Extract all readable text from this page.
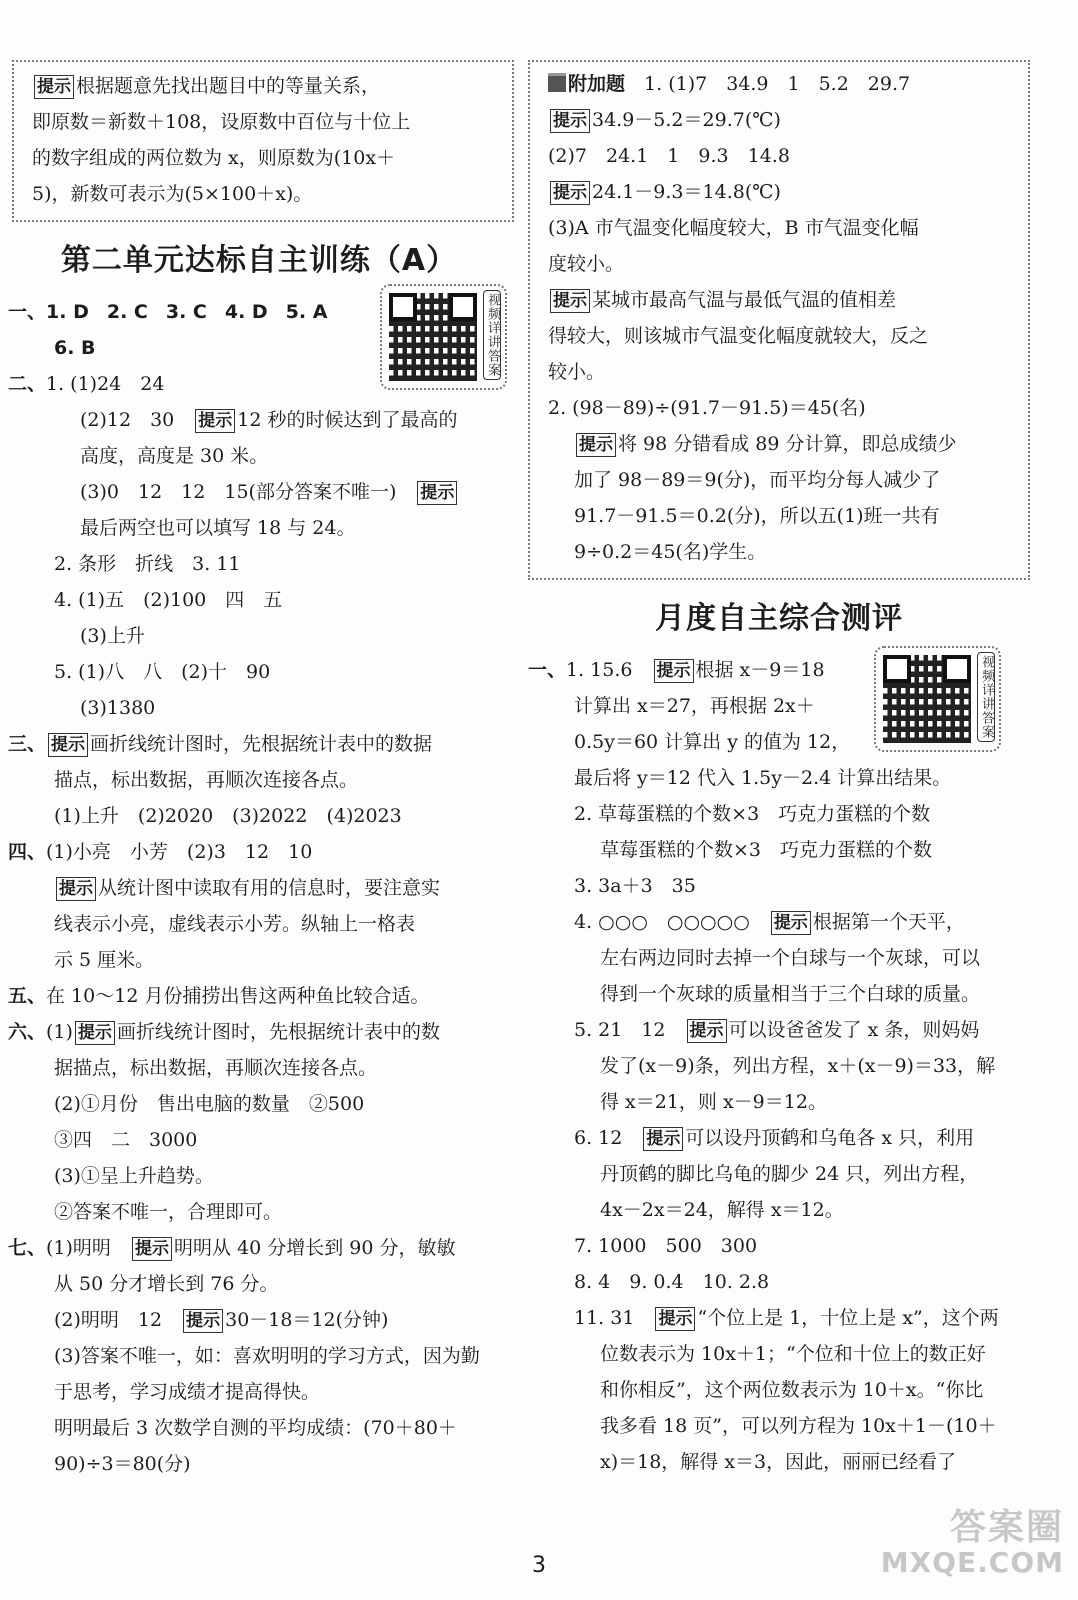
提示 根据题意先找出题目中的等量关系，
即原数＝新数＋108，设原数中百位与十位上
的数字组成的两位数为 x，则原数为(10x＋
5)，新数可表示为(5×100＋x)。
第二单元达标自主训练（A）
一、1. D 2. C 3. C 4. D 5. A
6. B	视频详讲答案
二、1. (1)24　24
(2)12　30　 提示 12 秒的时候达到了最高的
高度，高度是 30 米。
(3)0　12　12　15(部分答案不唯一)　 提示
最后两空也可以填写 18 与 24。
2. 条形　折线　3. 11
4. (1)五　(2)100　四　五
(3)上升
5. (1)八　八　(2)十　90
(3)1380
三、 提示 画折线统计图时，先根据统计表中的数据
描点，标出数据，再顺次连接各点。
(1)上升　(2)2020　(3)2022　(4)2023
四、(1)小亮　小芳　(2)3　12　10
提示 从统计图中读取有用的信息时，要注意实
线表示小亮，虚线表示小芳。纵轴上一格表
示 5 厘米。
五、在 10～12 月份捕捞出售这两种鱼比较合适。
六、(1) 提示 画折线统计图时，先根据统计表中的数
据描点，标出数据，再顺次连接各点。
(2)①月份　售出电脑的数量　②500
③四　二　3000
(3)①呈上升趋势。
②答案不唯一，合理即可。
七、(1)明明　 提示 明明从 40 分增长到 90 分，敏敏
从 50 分才增长到 76 分。
(2)明明　12　 提示 30－18＝12(分钟)
(3)答案不唯一，如：喜欢明明的学习方式，因为勤
于思考，学习成绩才提高得快。
明明最后 3 次数学自测的平均成绩：(70＋80＋
90)÷3＝80(分)
附加题　 1. (1)7　34.9　1　5.2　29.7
提示 34.9－5.2＝29.7(℃)
(2)7　24.1　1　9.3　14.8
提示 24.1－9.3＝14.8(℃)
(3)A 市气温变化幅度较大，B 市气温变化幅
度较小。
提示 某城市最高气温与最低气温的值相差
得较大，则该城市气温变化幅度就较大，反之
较小。
2. (98－89)÷(91.7－91.5)＝45(名)
提示 将 98 分错看成 89 分计算，即总成绩少
加了 98－89＝9(分)，而平均分每人减少了
91.7－91.5＝0.2(分)，所以五(1)班一共有
9÷0.2＝45(名)学生。
月度自主综合测评
一、1. 15.6　 提示 根据 x－9＝18
计算出 x＝27，再根据 2x＋
0.5y＝60 计算出 y 的值为 12，
最后将 y＝12 代入 1.5y－2.4 计算出结果。
视频详讲答案
2. 草莓蛋糕的个数×3　巧克力蛋糕的个数
草莓蛋糕的个数×3　巧克力蛋糕的个数
3. 3a＋3　35
4. ○○○　○○○○○　 提示 根据第一个天平，
左右两边同时去掉一个白球与一个灰球，可以
得到一个灰球的质量相当于三个白球的质量。
5. 21　12　 提示 可以设爸爸发了 x 条，则妈妈
发了(x－9)条，列出方程，x＋(x－9)＝33，解
得 x＝21，则 x－9＝12。
6. 12　 提示 可以设丹顶鹤和乌龟各 x 只，利用
丹顶鹤的脚比乌龟的脚少 24 只，列出方程，
4x－2x＝24，解得 x＝12。
7. 1000　500　300
8. 4　9. 0.4　10. 2.8
11. 31　 提示 “个位上是 1，十位上是 x”，这个两
位数表示为 10x＋1；“个位和十位上的数正好
和你相反”，这个两位数表示为 10＋x。“你比
我多看 18 页”，可以列方程为 10x＋1－(10＋
x)＝18，解得 x＝3，因此，丽丽已经看了
3
答案圈
MXQE.COM
